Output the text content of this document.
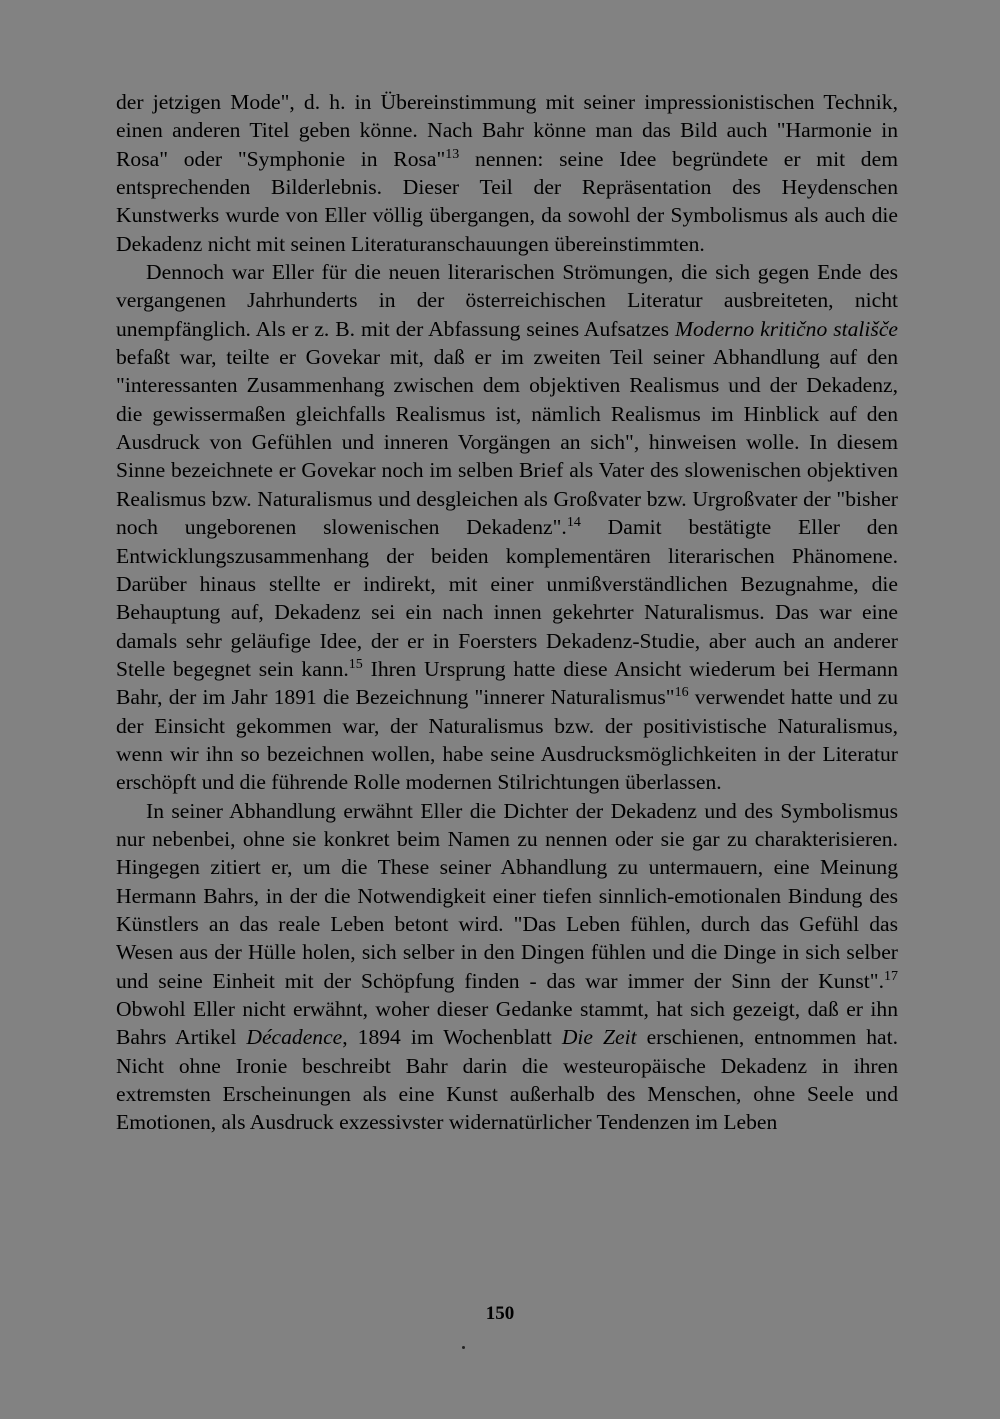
der jetzigen Mode", d. h. in Übereinstimmung mit seiner impressionistischen Technik, einen anderen Titel geben könne. Nach Bahr könne man das Bild auch "Harmonie in Rosa" oder "Symphonie in Rosa"$^{13}$ nennen: seine Idee begründete er mit dem entsprechenden Bilderlebnis. Dieser Teil der Repräsentation des Heydenschen Kunstwerks wurde von Eller völlig übergangen, da sowohl der Symbolismus als auch die Dekadenz nicht mit seinen Literaturanschauungen übereinstimmten.

Dennoch war Eller für die neuen literarischen Strömungen, die sich gegen Ende des vergangenen Jahrhunderts in der österreichischen Literatur ausbreiteten, nicht unempfänglich. Als er z. B. mit der Abfassung seines Aufsatzes Moderno kritično stališče befaßt war, teilte er Govekar mit, daß er im zweiten Teil seiner Abhandlung auf den "interessanten Zusammenhang zwischen dem objektiven Realismus und der Dekadenz, die gewissermaßen gleichfalls Realismus ist, nämlich Realismus im Hinblick auf den Ausdruck von Gefühlen und inneren Vorgängen an sich", hinweisen wolle. In diesem Sinne bezeichnete er Govekar noch im selben Brief als Vater des slowenischen objektiven Realismus bzw. Naturalismus und desgleichen als Großvater bzw. Urgroßvater der "bisher noch ungeborenen slowenischen Dekadenz".$^{14}$ Damit bestätigte Eller den Entwicklungszusammenhang der beiden komplementären literarischen Phänomene. Darüber hinaus stellte er indirekt, mit einer unmißverständlichen Bezugnahme, die Behauptung auf, Dekadenz sei ein nach innen gekehrter Naturalismus. Das war eine damals sehr geläufige Idee, der er in Foersters Dekadenz-Studie, aber auch an anderer Stelle begegnet sein kann.$^{15}$ Ihren Ursprung hatte diese Ansicht wiederum bei Hermann Bahr, der im Jahr 1891 die Bezeichnung "innerer Naturalismus"$^{16}$ verwendet hatte und zu der Einsicht gekommen war, der Naturalismus bzw. der positivistische Naturalismus, wenn wir ihn so bezeichnen wollen, habe seine Ausdrucksmöglichkeiten in der Literatur erschöpft und die führende Rolle modernen Stilrichtungen überlassen.

In seiner Abhandlung erwähnt Eller die Dichter der Dekadenz und des Symbolismus nur nebenbei, ohne sie konkret beim Namen zu nennen oder sie gar zu charakterisieren. Hingegen zitiert er, um die These seiner Abhandlung zu untermauern, eine Meinung Hermann Bahrs, in der die Notwendigkeit einer tiefen sinnlich-emotionalen Bindung des Künstlers an das reale Leben betont wird. "Das Leben fühlen, durch das Gefühl das Wesen aus der Hülle holen, sich selber in den Dingen fühlen und die Dinge in sich selber und seine Einheit mit der Schöpfung finden - das war immer der Sinn der Kunst".$^{17}$ Obwohl Eller nicht erwähnt, woher dieser Gedanke stammt, hat sich gezeigt, daß er ihn Bahrs Artikel Décadence, 1894 im Wochenblatt Die Zeit erschienen, entnommen hat. Nicht ohne Ironie beschreibt Bahr darin die westeuropäische Dekadenz in ihren extremsten Erscheinungen als eine Kunst außerhalb des Menschen, ohne Seele und Emotionen, als Ausdruck exzessivster widernatürlicher Tendenzen im Leben

150
